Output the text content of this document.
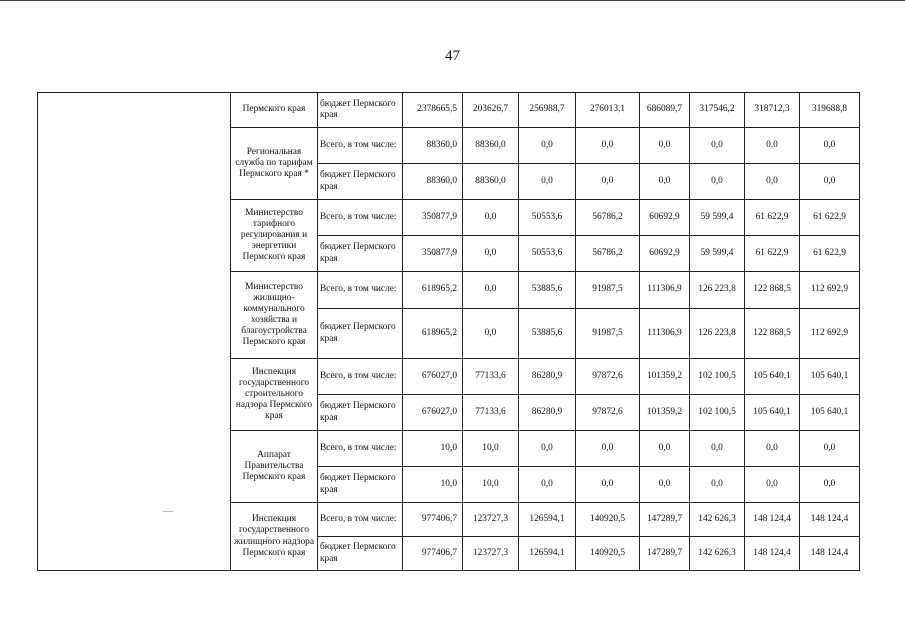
47
	Пермского края	бюджет Пермского края	2378665,5	203626,7	256988,7	276013,1	686089,7	317546,2	318712,3	319688,8
	Региональная служба по тарифам Пермского края *	Всего, в том числе:	88360,0	88360,0	0,0	0,0	0,0	0,0	0,0	0,0
		бюджет Пермского края	88360,0	88360,0	0,0	0,0	0,0	0,0	0,0	0,0
	Министерство тарифного регулирования и энергетики Пермского края	Всего, в том числе:	350877,9	0,0	50553,6	56786,2	60692,9	59 599,4	61 622,9	61 622,9
		бюджет Пермского края	350877,9	0,0	50553,6	56786,2	60692,9	59 599,4	61 622,9	61 622,9
	Министерство жилищно-коммунального хозяйства и благоустройства Пермского края	Всего, в том числе:	618965,2	0,0	53885,6	91987,5	111306,9	126 223,8	122 868,5	112 692,9
		бюджет Пермского края	618965,2	0,0	53885,6	91987,5	111306,9	126 223,8	122 868,5	112 692,9
	Инспекция государственного строительного надзора Пермского края	Всего, в том числе:	676027,0	77133,6	86280,9	97872,6	101359,2	102 100,5	105 640,1	105 640,1
		бюджет Пермского края	676027,0	77133,6	86280,9	97872,6	101359,2	102 100,5	105 640,1	105 640,1
	Аппарат Правительства Пермского края	Всего, в том числе:	10,0	10,0	0,0	0,0	0,0	0,0	0,0	0,0
		бюджет Пермского края	10,0	10,0	0,0	0,0	0,0	0,0	0,0	0,0
	Инспекция государственного жилищного надзора Пермского края	Всего, в том числе:	977406,7	123727,3	126594,1	140920,5	147289,7	142 626,3	148 124,4	148 124,4
		бюджет Пермского края	977406,7	123727,3	126594,1	140920,5	147289,7	142 626,3	148 124,4	148 124,4
